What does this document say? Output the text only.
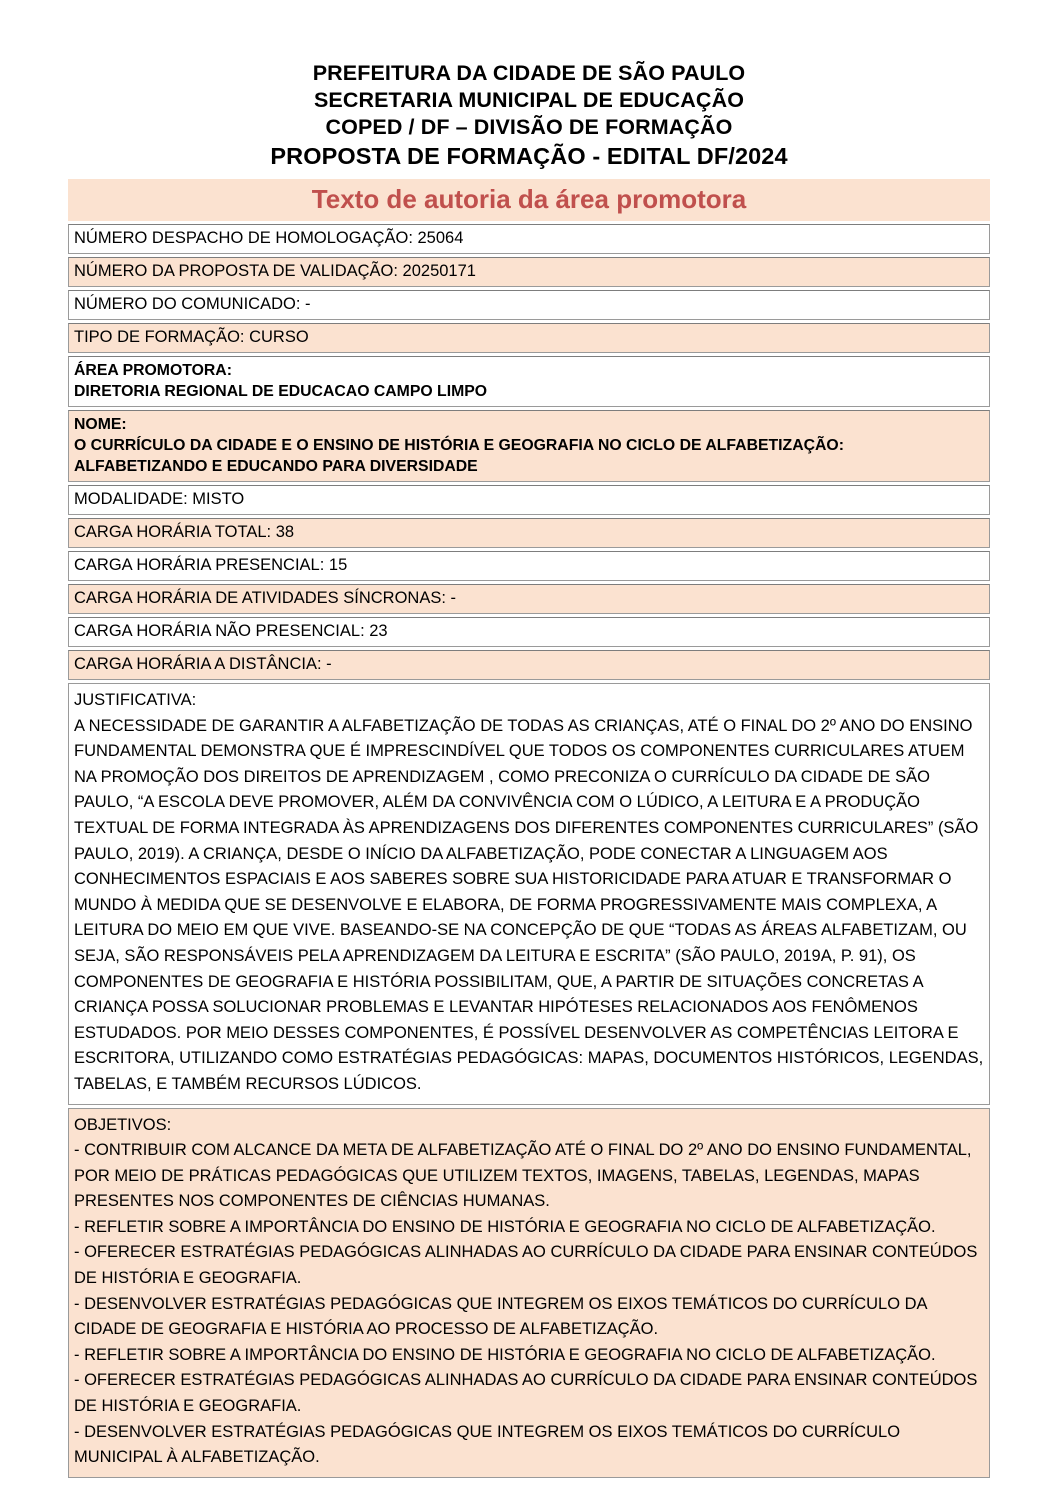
PREFEITURA DA CIDADE DE SÃO PAULO
SECRETARIA MUNICIPAL DE EDUCAÇÃO
COPED / DF – DIVISÃO DE FORMAÇÃO
PROPOSTA DE FORMAÇÃO - EDITAL DF/2024
Texto de autoria da área promotora
NÚMERO DESPACHO DE HOMOLOGAÇÃO: 25064
NÚMERO DA PROPOSTA DE VALIDAÇÃO: 20250171
NÚMERO DO COMUNICADO: -
TIPO DE FORMAÇÃO: CURSO
ÁREA PROMOTORA:
DIRETORIA REGIONAL DE EDUCACAO CAMPO LIMPO
NOME:
O CURRÍCULO DA CIDADE E O ENSINO DE HISTÓRIA E GEOGRAFIA NO CICLO DE ALFABETIZAÇÃO:
ALFABETIZANDO E EDUCANDO PARA DIVERSIDADE
MODALIDADE: MISTO
CARGA HORÁRIA TOTAL: 38
CARGA HORÁRIA PRESENCIAL: 15
CARGA HORÁRIA DE ATIVIDADES SÍNCRONAS: -
CARGA HORÁRIA NÃO PRESENCIAL: 23
CARGA HORÁRIA A DISTÂNCIA: -

JUSTIFICATIVA:

A NECESSIDADE DE GARANTIR A ALFABETIZAÇÃO DE TODAS AS CRIANÇAS, ATÉ O FINAL DO 2º ANO DO ENSINO FUNDAMENTAL DEMONSTRA QUE É IMPRESCINDÍVEL QUE TODOS OS COMPONENTES CURRICULARES ATUEM NA PROMOÇÃO DOS DIREITOS DE APRENDIZAGEM , COMO PRECONIZA O CURRÍCULO DA CIDADE DE SÃO PAULO, “A ESCOLA DEVE PROMOVER, ALÉM DA CONVIVÊNCIA COM O LÚDICO, A LEITURA E A PRODUÇÃO TEXTUAL DE FORMA INTEGRADA ÀS APRENDIZAGENS DOS DIFERENTES COMPONENTES CURRICULARES” (SÃO PAULO, 2019). A CRIANÇA, DESDE O INÍCIO DA ALFABETIZAÇÃO, PODE CONECTAR A LINGUAGEM AOS CONHECIMENTOS ESPACIAIS E AOS SABERES SOBRE SUA HISTORICIDADE PARA ATUAR E TRANSFORMAR O MUNDO À MEDIDA QUE SE DESENVOLVE E ELABORA, DE FORMA PROGRESSIVAMENTE MAIS COMPLEXA, A LEITURA DO MEIO EM QUE VIVE. BASEANDO-SE NA CONCEPÇÃO DE QUE “TODAS AS ÁREAS ALFABETIZAM, OU SEJA, SÃO RESPONSÁVEIS PELA APRENDIZAGEM DA LEITURA E ESCRITA” (SÃO PAULO, 2019A, P. 91), OS COMPONENTES DE GEOGRAFIA E HISTÓRIA POSSIBILITAM, QUE, A PARTIR DE SITUAÇÕES CONCRETAS A CRIANÇA POSSA SOLUCIONAR PROBLEMAS E LEVANTAR HIPÓTESES RELACIONADOS AOS FENÔMENOS ESTUDADOS. POR MEIO DESSES COMPONENTES, É POSSÍVEL DESENVOLVER AS COMPETÊNCIAS LEITORA E ESCRITORA, UTILIZANDO COMO ESTRATÉGIAS PEDAGÓGICAS: MAPAS, DOCUMENTOS HISTÓRICOS, LEGENDAS, TABELAS, E TAMBÉM RECURSOS LÚDICOS.

OBJETIVOS:

- CONTRIBUIR COM ALCANCE DA META DE ALFABETIZAÇÃO ATÉ O FINAL DO 2º ANO DO ENSINO FUNDAMENTAL, POR MEIO DE PRÁTICAS PEDAGÓGICAS QUE UTILIZEM TEXTOS, IMAGENS, TABELAS, LEGENDAS, MAPAS PRESENTES NOS COMPONENTES DE CIÊNCIAS HUMANAS.

- REFLETIR SOBRE A IMPORTÂNCIA DO ENSINO DE HISTÓRIA E GEOGRAFIA NO CICLO DE ALFABETIZAÇÃO.

- OFERECER ESTRATÉGIAS PEDAGÓGICAS ALINHADAS AO CURRÍCULO DA CIDADE PARA ENSINAR CONTEÚDOS DE HISTÓRIA E GEOGRAFIA.

- DESENVOLVER ESTRATÉGIAS PEDAGÓGICAS QUE INTEGREM OS EIXOS TEMÁTICOS DO CURRÍCULO DA CIDADE DE GEOGRAFIA E HISTÓRIA AO PROCESSO DE ALFABETIZAÇÃO.

- REFLETIR SOBRE A IMPORTÂNCIA DO ENSINO DE HISTÓRIA E GEOGRAFIA NO CICLO DE ALFABETIZAÇÃO.

- OFERECER ESTRATÉGIAS PEDAGÓGICAS ALINHADAS AO CURRÍCULO DA CIDADE PARA ENSINAR CONTEÚDOS DE HISTÓRIA E GEOGRAFIA.

- DESENVOLVER ESTRATÉGIAS PEDAGÓGICAS QUE INTEGREM OS EIXOS TEMÁTICOS DO CURRÍCULO MUNICIPAL À ALFABETIZAÇÃO.
